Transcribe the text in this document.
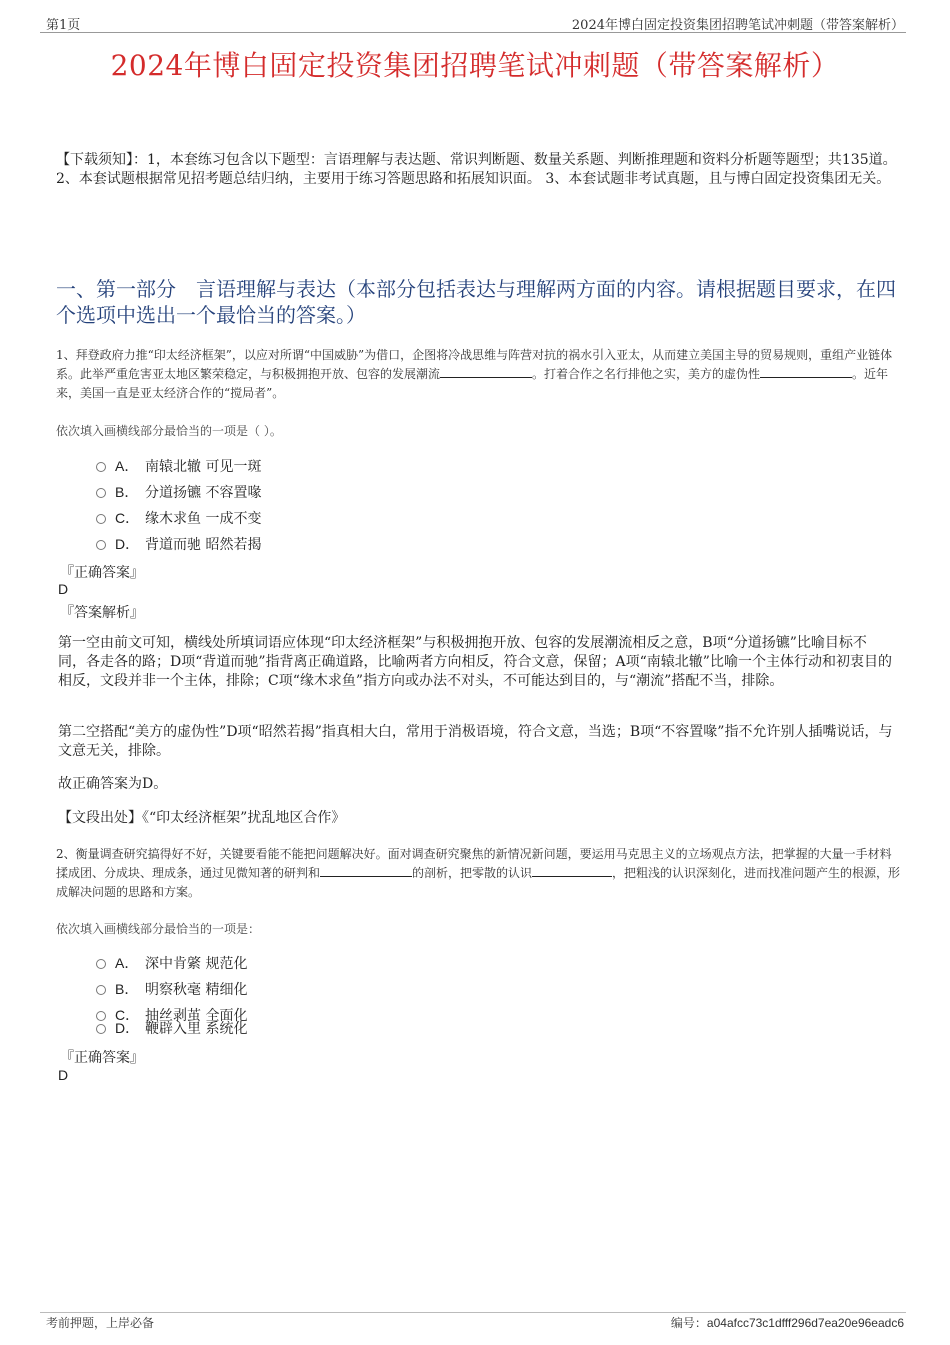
第1页	2024年博白固定投资集团招聘笔试冲刺题（带答案解析）
2024年博白固定投资集团招聘笔试冲刺题（带答案解析）
【下载须知】：1，本套练习包含以下题型：言语理解与表达题、常识判断题、数量关系题、判断推理题和资料分析题等题型；共135道。 2、本套试题根据常见招考题总结归纳，主要用于练习答题思路和拓展知识面。 3、本套试题非考试真题，且与博白固定投资集团无关。
一、第一部分　言语理解与表达（本部分包括表达与理解两方面的内容。请根据题目要求，在四个选项中选出一个最恰当的答案。）
1、拜登政府力推“印太经济框架”，以应对所谓“中国威胁”为借口，企图将冷战思维与阵营对抗的祸水引入亚太，从而建立美国主导的贸易规则，重组产业链体系。此举严重危害亚太地区繁荣稳定，与积极拥抱开放、包容的发展潮流	。打着合作之名行排他之实，美方的虚伪性	。近年来，美国一直是亚太经济合作的“搅局者”。
依次填入画横线部分最恰当的一项是（ ）。
A． 南辕北辙 可见一斑
B． 分道扬镳 不容置喙
C． 缘木求鱼 一成不变
D． 背道而驰 昭然若揭
『正确答案』
D
『答案解析』
第一空由前文可知，横线处所填词语应体现“印太经济框架”与积极拥抱开放、包容的发展潮流相反之意，B项“分道扬镳”比喻目标不同，各走各的路；D项“背道而驰”指背离正确道路，比喻两者方向相反，符合文意，保留；A项“南辕北辙”比喻一个主体行动和初衷目的相反，文段并非一个主体，排除；C项“缘木求鱼”指方向或办法不对头，不可能达到目的，与“潮流”搭配不当，排除。
第二空搭配“美方的虚伪性”D项“昭然若揭”指真相大白，常用于消极语境，符合文意，当选；B项“不容置喙”指不允许别人插嘴说话，与文意无关，排除。
故正确答案为D。
【文段出处】《“印太经济框架”扰乱地区合作》
2、衡量调查研究搞得好不好，关键要看能不能把问题解决好。面对调查研究聚焦的新情况新问题，要运用马克思主义的立场观点方法，把掌握的大量一手材料揉成团、分成块、理成条，通过见微知著的研判和	的剖析，把零散的认识	，把粗浅的认识深刻化，进而找准问题产生的根源，形成解决问题的思路和方案。
依次填入画横线部分最恰当的一项是：
A． 深中肯綮 规范化
B． 明察秋毫 精细化
C． 抽丝剥茧 全面化
D． 鞭辟入里 系统化
『正确答案』
D
考前押题，上岸必备	编号：a04afcc73c1dfff296d7ea20e96eadc6
